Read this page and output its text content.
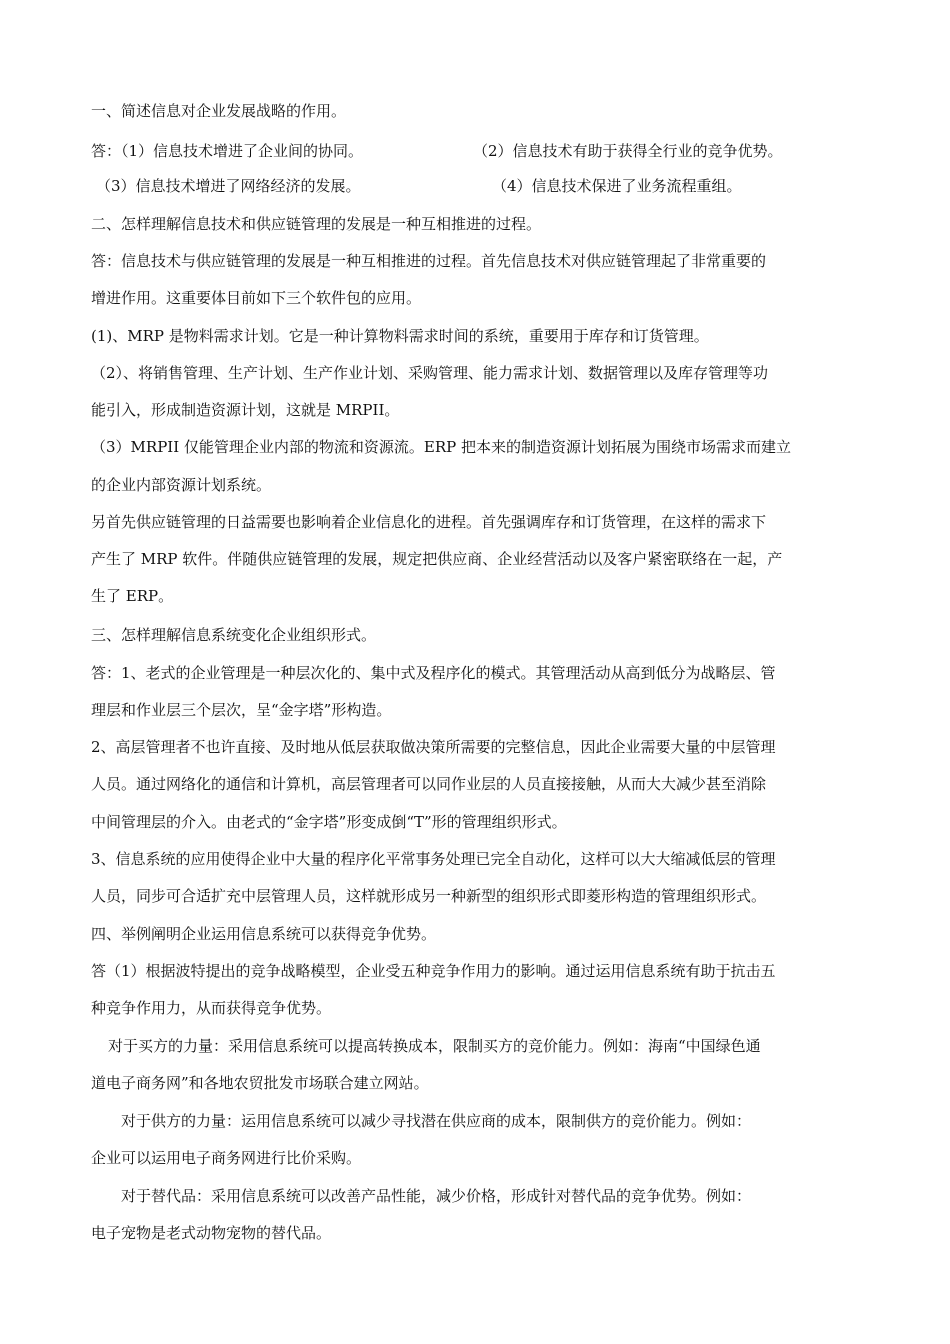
一、简述信息对企业发展战略的作用。
答：（1）信息技术增进了企业间的协同。	（2）信息技术有助于获得全行业的竞争优势。
（3）信息技术增进了网络经济的发展。	（4）信息技术保进了业务流程重组。
二、怎样理解信息技术和供应链管理的发展是一种互相推进的过程。
答：信息技术与供应链管理的发展是一种互相推进的过程。首先信息技术对供应链管理起了非常重要的
增进作用。这重要体目前如下三个软件包的应用。
(1)、MRP 是物料需求计划。它是一种计算物料需求时间的系统，重要用于库存和订货管理。
（2）、将销售管理、生产计划、生产作业计划、采购管理、能力需求计划、数据管理以及库存管理等功
能引入，形成制造资源计划，这就是 MRPII。
（3）MRPII 仅能管理企业内部的物流和资源流。ERP 把本来的制造资源计划拓展为围绕市场需求而建立
的企业内部资源计划系统。
另首先供应链管理的日益需要也影响着企业信息化的进程。首先强调库存和订货管理，在这样的需求下
产生了 MRP 软件。伴随供应链管理的发展，规定把供应商、企业经营活动以及客户紧密联络在一起，产
生了 ERP。
三、怎样理解信息系统变化企业组织形式。
答：1、老式的企业管理是一种层次化的、集中式及程序化的模式。其管理活动从高到低分为战略层、管
理层和作业层三个层次，呈“金字塔”形构造。
2、高层管理者不也许直接、及时地从低层获取做决策所需要的完整信息，因此企业需要大量的中层管理
人员。通过网络化的通信和计算机，高层管理者可以同作业层的人员直接接触，从而大大减少甚至消除
中间管理层的介入。由老式的“金字塔”形变成倒“T”形的管理组织形式。
3、信息系统的应用使得企业中大量的程序化平常事务处理已完全自动化，这样可以大大缩减低层的管理
人员，同步可合适扩充中层管理人员，这样就形成另一种新型的组织形式即菱形构造的管理组织形式。
四、举例阐明企业运用信息系统可以获得竞争优势。
答（1）根据波特提出的竞争战略模型，企业受五种竞争作用力的影响。通过运用信息系统有助于抗击五
种竞争作用力，从而获得竞争优势。
对于买方的力量：采用信息系统可以提高转换成本，限制买方的竞价能力。例如：海南“中国绿色通
道电子商务网”和各地农贸批发市场联合建立网站。
对于供方的力量：运用信息系统可以减少寻找潜在供应商的成本，限制供方的竞价能力。例如：
企业可以运用电子商务网进行比价采购。
对于替代品：采用信息系统可以改善产品性能，减少价格，形成针对替代品的竞争优势。例如：
电子宠物是老式动物宠物的替代品。
